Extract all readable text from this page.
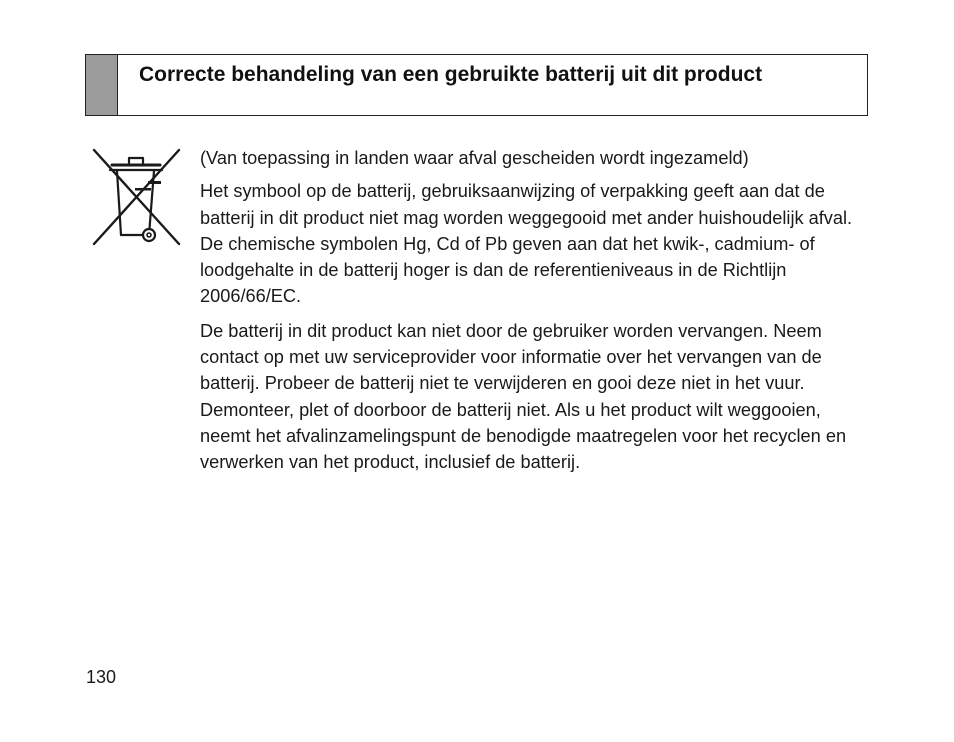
Correcte behandeling van een gebruikte batterij uit dit product

(Van toepassing in landen waar afval gescheiden wordt ingezameld)

Het symbool op de batterij, gebruiksaanwijzing of verpakking geeft aan dat de batterij in dit product niet mag worden weggegooid met ander huishoudelijk afval. De chemische symbolen Hg, Cd of Pb geven aan dat het kwik-, cadmium- of loodgehalte in de batterij hoger is dan de referentieniveaus in de Richtlijn 2006/66/EC.

De batterij in dit product kan niet door de gebruiker worden vervangen. Neem contact op met uw serviceprovider voor informatie over het vervangen van de batterij. Probeer de batterij niet te verwijderen en gooi deze niet in het vuur. Demonteer, plet of doorboor de batterij niet. Als u het product wilt weggooien, neemt het afvalinzamelingspunt de benodigde maatregelen voor het recyclen en verwerken van het product, inclusief de batterij.

130
